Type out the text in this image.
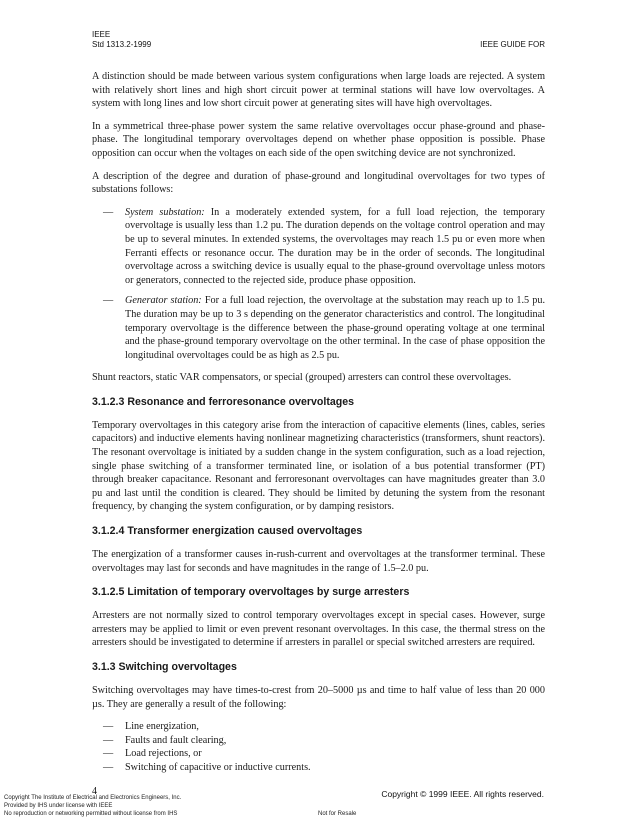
IEEE
Std 1313.2-1999	IEEE GUIDE FOR

A distinction should be made between various system configurations when large loads are rejected. A system with relatively short lines and high short circuit power at terminal stations will have low overvoltages. A system with long lines and low short circuit power at generating sites will have high overvoltages.

In a symmetrical three-phase power system the same relative overvoltages occur phase-ground and phase-phase. The longitudinal temporary overvoltages depend on whether phase opposition is possible. Phase opposition can occur when the voltages on each side of the open switching device are not synchronized.

A description of the degree and duration of phase-ground and longitudinal overvoltages for two types of substations follows:

—	System substation: In a moderately extended system, for a full load rejection, the temporary overvoltage is usually less than 1.2 pu. The duration depends on the voltage control operation and may be up to several minutes. In extended systems, the overvoltages may reach 1.5 pu or even more when Ferranti effects or resonance occur. The duration may be in the order of seconds. The longitudinal overvoltage across a switching device is usually equal to the phase-ground overvoltage unless motors or generators, connected to the rejected side, produce phase opposition.
—	Generator station: For a full load rejection, the overvoltage at the substation may reach up to 1.5 pu. The duration may be up to 3 s depending on the generator characteristics and control. The longitudinal temporary overvoltage is the difference between the phase-ground operating voltage at one terminal and the phase-ground temporary overvoltage on the other terminal. In the case of phase opposition the longitudinal overvoltages could be as high as 2.5 pu.

Shunt reactors, static VAR compensators, or special (grouped) arresters can control these overvoltages.

3.1.2.3 Resonance and ferroresonance overvoltages

Temporary overvoltages in this category arise from the interaction of capacitive elements (lines, cables, series capacitors) and inductive elements having nonlinear magnetizing characteristics (transformers, shunt reactors). The resonant overvoltage is initiated by a sudden change in the system configuration, such as a load rejection, single phase switching of a transformer terminated line, or isolation of a bus potential transformer (PT) through breaker capacitance. Resonant and ferroresonant overvoltages can have magnitudes greater than 3.0 pu and last until the condition is cleared. They should be limited by detuning the system from the resonant frequency, by changing the system configuration, or by damping resistors.

3.1.2.4 Transformer energization caused overvoltages

The energization of a transformer causes in-rush-current and overvoltages at the transformer terminal. These overvoltages may last for seconds and have magnitudes in the range of 1.5–2.0 pu.

3.1.2.5 Limitation of temporary overvoltages by surge arresters

Arresters are not normally sized to control temporary overvoltages except in special cases. However, surge arresters may be applied to limit or even prevent resonant overvoltages. In this case, the thermal stress on the arresters should be investigated to determine if arresters in parallel or special switched arresters are required.

3.1.3 Switching overvoltages

Switching overvoltages may have times-to-crest from 20–5000 µs and time to half value of less than 20 000 µs. They are generally a result of the following:

—	Line energization,
—	Faults and fault clearing,
—	Load rejections, or
—	Switching of capacitive or inductive currents.
4	Copyright © 1999 IEEE. All rights reserved.
Copyright The Institute of Electrical and Electronics Engineers, Inc.
Provided by IHS under license with IEEE
No reproduction or networking permitted without license from IHS	Not for Resale
